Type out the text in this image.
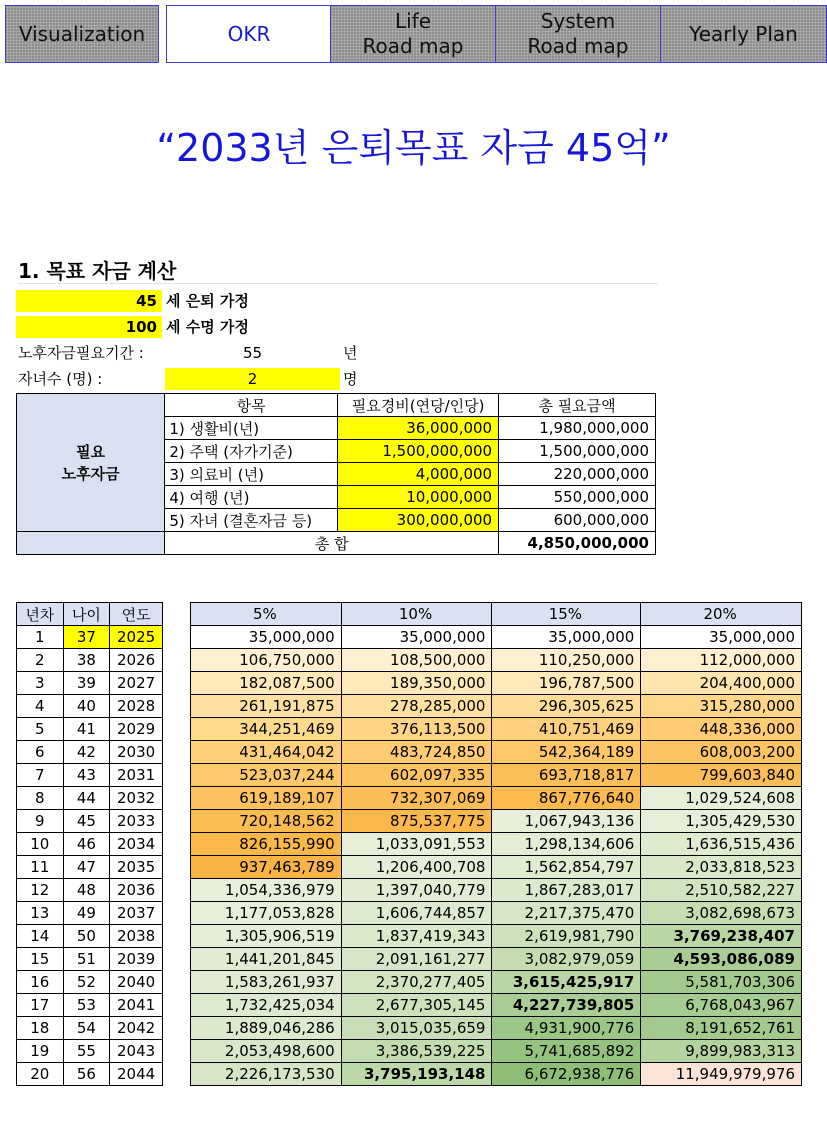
Visualization	OKR
Life
Road map
System
Road map
Yearly Plan
“2033년 은퇴목표 자금 45억”
1. 목표 자금 계산
45 세 은퇴 가정
100 세 수명 가정
노후자금필요기간 :	55	년
자녀수 (명) :	2	명
필요
노후자금	항목	필요경비(연당/인당)	총 필요금액
	1) 생활비(년)	36,000,000	1,980,000,000
	2) 주택 (자가기준)	1,500,000,000	1,500,000,000
	3) 의료비 (년)	4,000,000	220,000,000
	4) 여행 (년)	10,000,000	550,000,000
	5) 자녀 (결혼자금 등)	300,000,000	600,000,000
	총 합		4,850,000,000
년차	나이	연도
1	37	2025
2	38	2026
3	39	2027
4	40	2028
5	41	2029
6	42	2030
7	43	2031
8	44	2032
9	45	2033
10	46	2034
11	47	2035
12	48	2036
13	49	2037
14	50	2038
15	51	2039
16	52	2040
17	53	2041
18	54	2042
19	55	2043
20	56	2044
5%	10%	15%	20%
35,000,000	35,000,000	35,000,000	35,000,000
106,750,000	108,500,000	110,250,000	112,000,000
182,087,500	189,350,000	196,787,500	204,400,000
261,191,875	278,285,000	296,305,625	315,280,000
344,251,469	376,113,500	410,751,469	448,336,000
431,464,042	483,724,850	542,364,189	608,003,200
523,037,244	602,097,335	693,718,817	799,603,840
619,189,107	732,307,069	867,776,640	1,029,524,608
720,148,562	875,537,775	1,067,943,136	1,305,429,530
826,155,990	1,033,091,553	1,298,134,606	1,636,515,436
937,463,789	1,206,400,708	1,562,854,797	2,033,818,523
1,054,336,979	1,397,040,779	1,867,283,017	2,510,582,227
1,177,053,828	1,606,744,857	2,217,375,470	3,082,698,673
1,305,906,519	1,837,419,343	2,619,981,790	3,769,238,407
1,441,201,845	2,091,161,277	3,082,979,059	4,593,086,089
1,583,261,937	2,370,277,405	3,615,425,917	5,581,703,306
1,732,425,034	2,677,305,145	4,227,739,805	6,768,043,967
1,889,046,286	3,015,035,659	4,931,900,776	8,191,652,761
2,053,498,600	3,386,539,225	5,741,685,892	9,899,983,313
2,226,173,530	3,795,193,148	6,672,938,776	11,949,979,976
